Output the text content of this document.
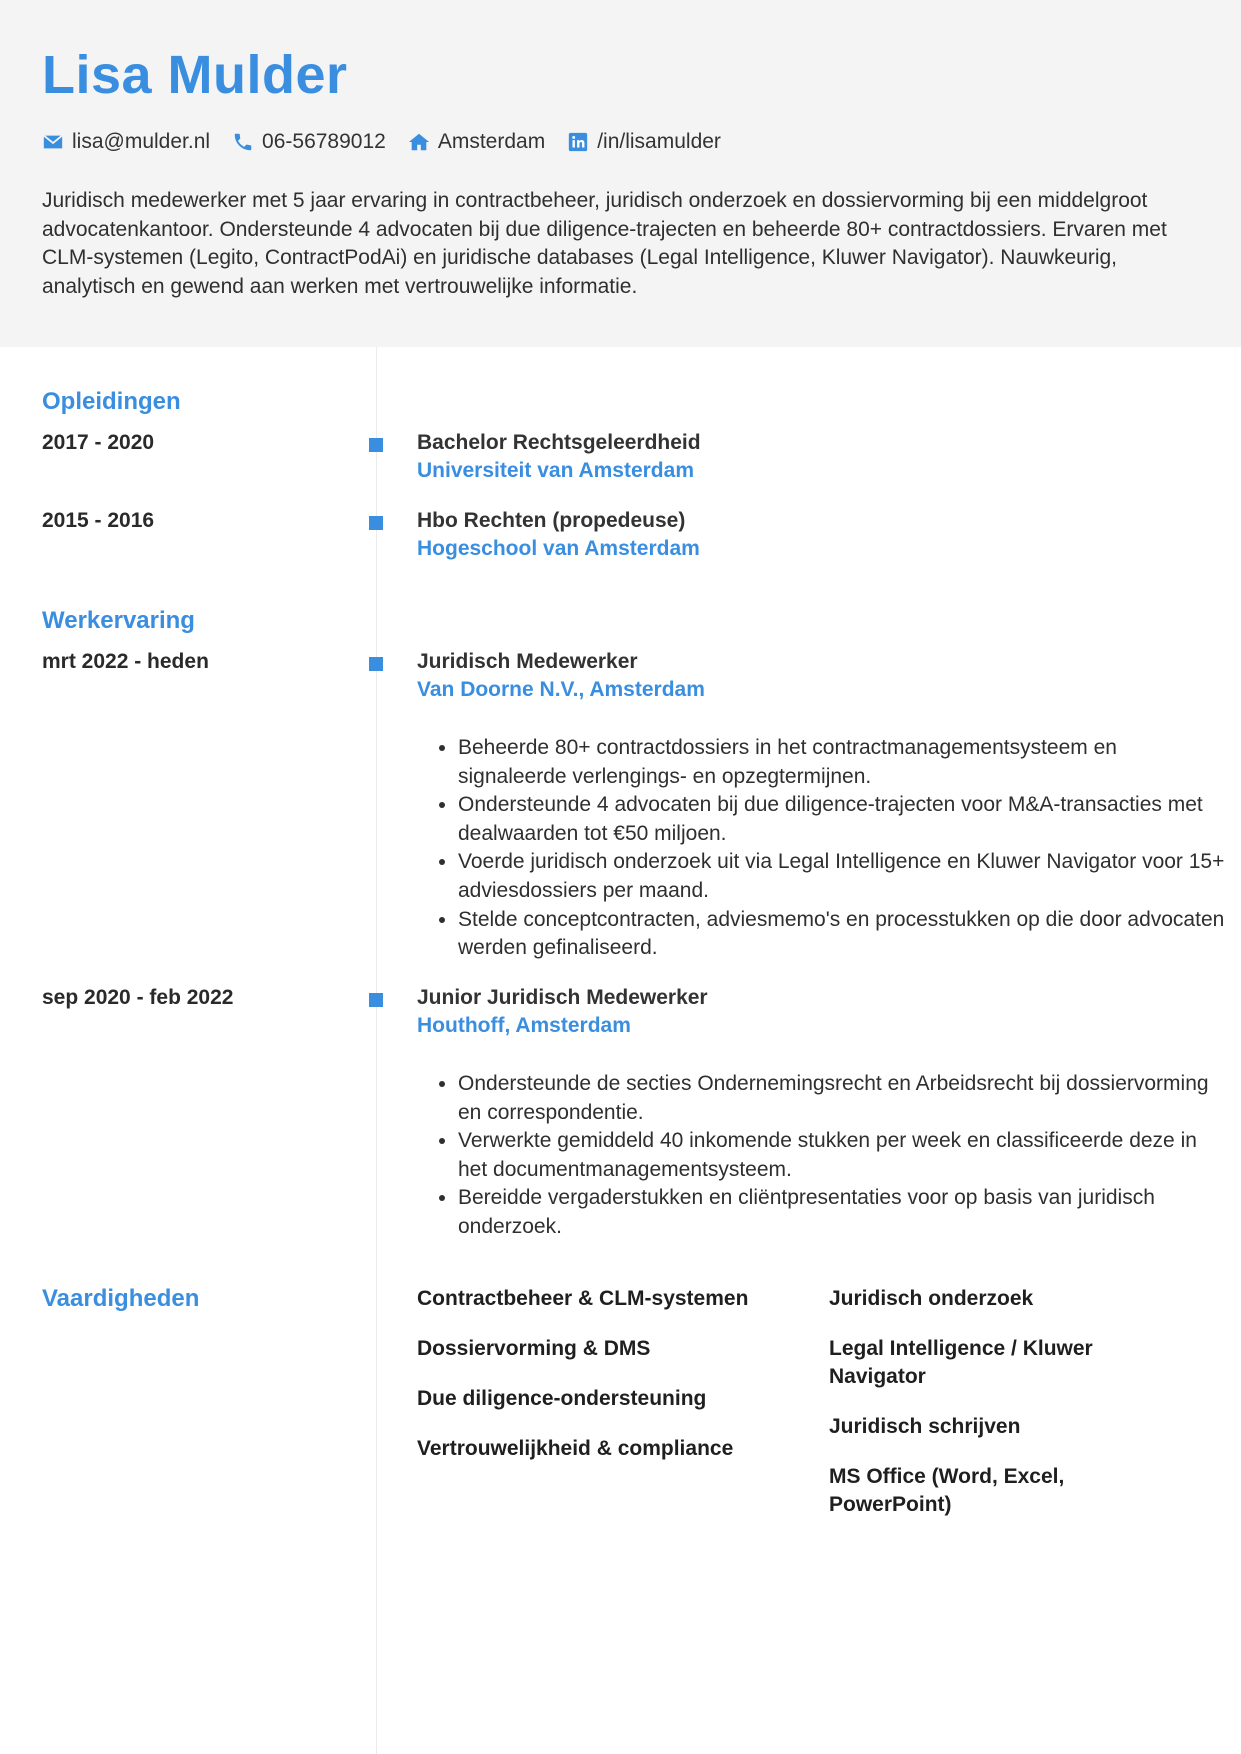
Lisa Mulder
lisa@mulder.nl 06-56789012 Amsterdam /in/lisamulder
Juridisch medewerker met 5 jaar ervaring in contractbeheer, juridisch onderzoek en dossiervorming bij een middelgroot advocatenkantoor. Ondersteunde 4 advocaten bij due diligence-trajecten en beheerde 80+ contractdossiers. Ervaren met CLM-systemen (Legito, ContractPodAi) en juridische databases (Legal Intelligence, Kluwer Navigator). Nauwkeurig, analytisch en gewend aan werken met vertrouwelijke informatie.
Opleidingen
2017 - 2020	Bachelor Rechtsgeleerdheid
Universiteit van Amsterdam
2015 - 2016	Hbo Rechten (propedeuse)
Hogeschool van Amsterdam
Werkervaring
mrt 2022 - heden	Juridisch Medewerker
Van Doorne N.V., Amsterdam
• Beheerde 80+ contractdossiers in het contractmanagementsysteem en signaleerde verlengings- en opzegtermijnen.
• Ondersteunde 4 advocaten bij due diligence-trajecten voor M&A-transacties met dealwaarden tot €50 miljoen.
• Voerde juridisch onderzoek uit via Legal Intelligence en Kluwer Navigator voor 15+ adviesdossiers per maand.
• Stelde conceptcontracten, adviesmemo's en processtukken op die door advocaten werden gefinaliseerd.
sep 2020 - feb 2022	Junior Juridisch Medewerker
Houthoff, Amsterdam
• Ondersteunde de secties Ondernemingsrecht en Arbeidsrecht bij dossiervorming en correspondentie.
• Verwerkte gemiddeld 40 inkomende stukken per week en classificeerde deze in het documentmanagementsysteem.
• Bereidde vergaderstukken en cliëntpresentaties voor op basis van juridisch onderzoek.
Vaardigheden	Contractbeheer & CLM-systemen
Dossiervorming & DMS
Due diligence-ondersteuning
Vertrouwelijkheid & compliance
Juridisch onderzoek
Legal Intelligence / Kluwer Navigator
Juridisch schrijven
MS Office (Word, Excel, PowerPoint)
